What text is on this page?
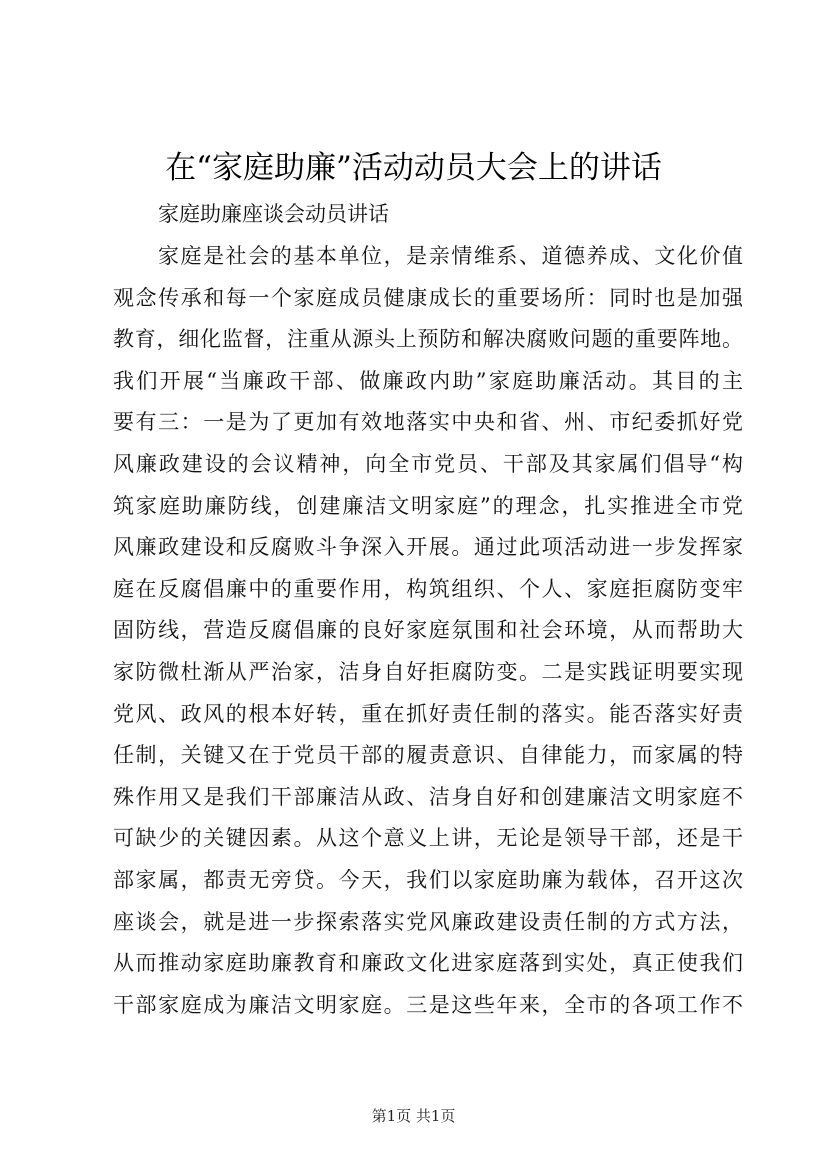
在“家庭助廉”活动动员大会上的讲话

家庭助廉座谈会动员讲话

家庭是社会的基本单位，是亲情维系、道德养成、文化价值
观念传承和每一个家庭成员健康成长的重要场所：同时也是加强
教育，细化监督，注重从源头上预防和解决腐败问题的重要阵地。
我们开展“当廉政干部、做廉政内助”家庭助廉活动。其目的主
要有三：一是为了更加有效地落实中央和省、州、市纪委抓好党
风廉政建设的会议精神，向全市党员、干部及其家属们倡导“构
筑家庭助廉防线，创建廉洁文明家庭”的理念，扎实推进全市党
风廉政建设和反腐败斗争深入开展。通过此项活动进一步发挥家
庭在反腐倡廉中的重要作用，构筑组织、个人、家庭拒腐防变牢
固防线，营造反腐倡廉的良好家庭氛围和社会环境，从而帮助大
家防微杜渐从严治家，洁身自好拒腐防变。二是实践证明要实现
党风、政风的根本好转，重在抓好责任制的落实。能否落实好责
任制，关键又在于党员干部的履责意识、自律能力，而家属的特
殊作用又是我们干部廉洁从政、洁身自好和创建廉洁文明家庭不
可缺少的关键因素。从这个意义上讲，无论是领导干部，还是干
部家属，都责无旁贷。今天，我们以家庭助廉为载体，召开这次
座谈会，就是进一步探索落实党风廉政建设责任制的方式方法，
从而推动家庭助廉教育和廉政文化进家庭落到实处，真正使我们
干部家庭成为廉洁文明家庭。三是这些年来，全市的各项工作不

第1页 共1页
